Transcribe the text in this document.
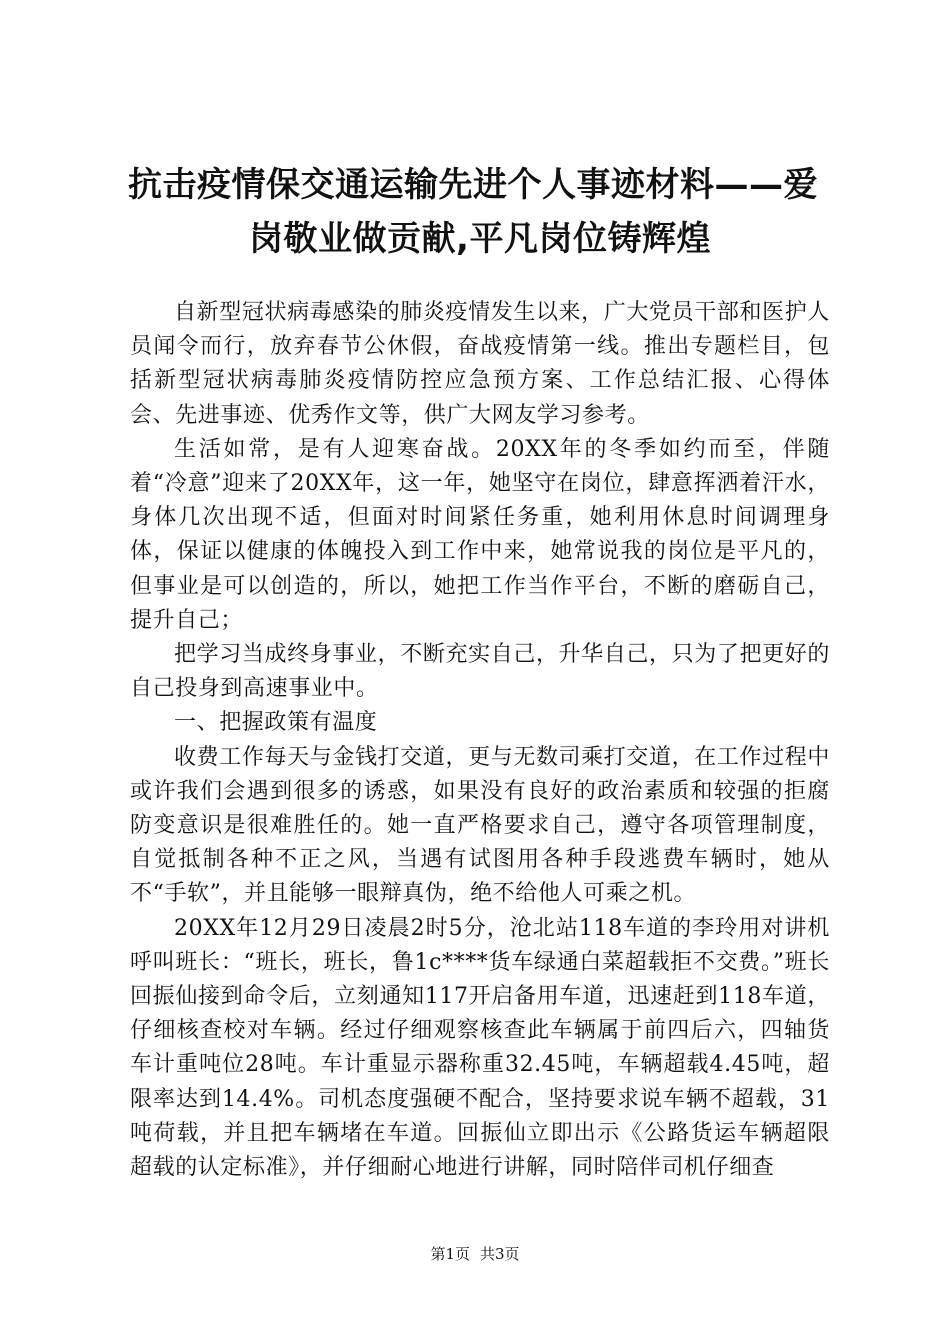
抗击疫情保交通运输先进个人事迹材料——爱
岗敬业做贡献,平凡岗位铸辉煌

自新型冠状病毒感染的肺炎疫情发生以来，广大党员干部和医护人员闻令而行，放弃春节公休假，奋战疫情第一线。推出专题栏目，包括新型冠状病毒肺炎疫情防控应急预方案、工作总结汇报、心得体会、先进事迹、优秀作文等，供广大网友学习参考。

生活如常，是有人迎寒奋战。20XX年的冬季如约而至，伴随着“冷意”迎来了20XX年，这一年，她坚守在岗位，肆意挥洒着汗水，身体几次出现不适，但面对时间紧任务重，她利用休息时间调理身体，保证以健康的体魄投入到工作中来，她常说我的岗位是平凡的，但事业是可以创造的，所以，她把工作当作平台，不断的磨砺自己，提升自己；

把学习当成终身事业，不断充实自己，升华自己，只为了把更好的自己投身到高速事业中。

一、把握政策有温度

收费工作每天与金钱打交道，更与无数司乘打交道，在工作过程中或许我们会遇到很多的诱惑，如果没有良好的政治素质和较强的拒腐防变意识是很难胜任的。她一直严格要求自己，遵守各项管理制度，自觉抵制各种不正之风，当遇有试图用各种手段逃费车辆时，她从不“手软”，并且能够一眼辩真伪，绝不给他人可乘之机。

20XX年12月29日凌晨2时5分，沧北站118车道的李玲用对讲机呼叫班长：“班长，班长，鲁1c****货车绿通白菜超载拒不交费。”班长回振仙接到命令后，立刻通知117开启备用车道，迅速赶到118车道，仔细核查校对车辆。经过仔细观察核查此车辆属于前四后六，四轴货车计重吨位28吨。车计重显示器称重32.45吨，车辆超载4.45吨，超限率达到14.4%。司机态度强硬不配合，坚持要求说车辆不超载，31吨荷载，并且把车辆堵在车道。回振仙立即出示《公路货运车辆超限超载的认定标准》，并仔细耐心地进行讲解，同时陪伴司机仔细查

第1页 共3页
